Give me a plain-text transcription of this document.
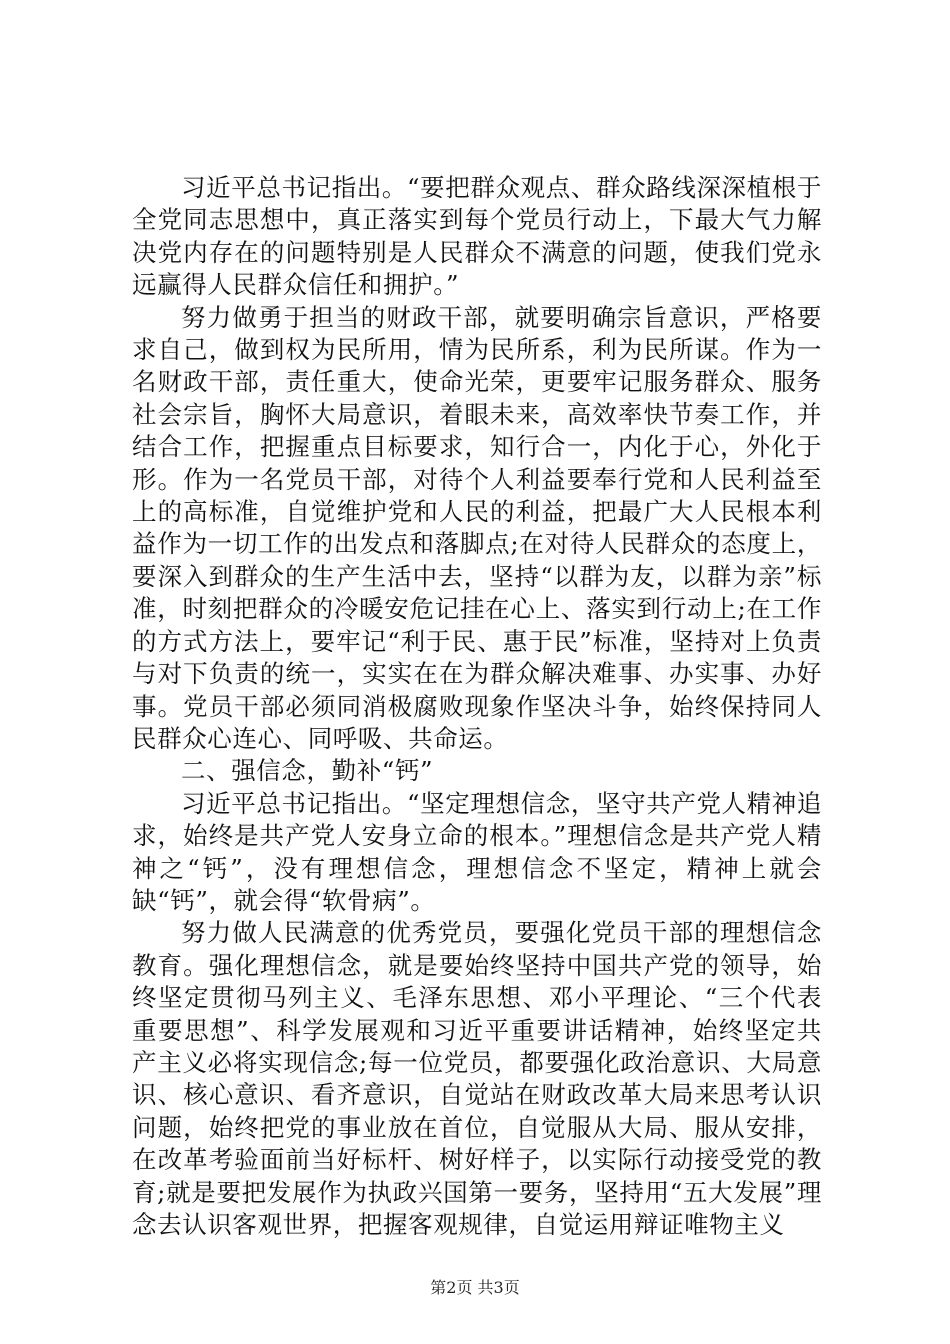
习近平总书记指出。“要把群众观点、群众路线深深植根于全党同志思想中，真正落实到每个党员行动上，下最大气力解决党内存在的问题特别是人民群众不满意的问题，使我们党永远赢得人民群众信任和拥护。”

努力做勇于担当的财政干部，就要明确宗旨意识，严格要求自己，做到权为民所用，情为民所系，利为民所谋。作为一名财政干部，责任重大，使命光荣，更要牢记服务群众、服务社会宗旨，胸怀大局意识，着眼未来，高效率快节奏工作，并结合工作，把握重点目标要求，知行合一，内化于心，外化于形。作为一名党员干部，对待个人利益要奉行党和人民利益至上的高标准，自觉维护党和人民的利益，把最广大人民根本利益作为一切工作的出发点和落脚点;在对待人民群众的态度上，要深入到群众的生产生活中去，坚持“以群为友，以群为亲”标准，时刻把群众的冷暖安危记挂在心上、落实到行动上;在工作的方式方法上，要牢记“利于民、惠于民”标准，坚持对上负责与对下负责的统一，实实在在为群众解决难事、办实事、办好事。党员干部必须同消极腐败现象作坚决斗争，始终保持同人民群众心连心、同呼吸、共命运。

二、强信念，勤补“钙”

习近平总书记指出。“坚定理想信念，坚守共产党人精神追求，始终是共产党人安身立命的根本。”理想信念是共产党人精神之“钙”，没有理想信念，理想信念不坚定，精神上就会缺“钙”，就会得“软骨病”。

努力做人民满意的优秀党员，要强化党员干部的理想信念教育。强化理想信念，就是要始终坚持中国共产党的领导，始终坚定贯彻马列主义、毛泽东思想、邓小平理论、“三个代表重要思想”、科学发展观和习近平重要讲话精神，始终坚定共产主义必将实现信念;每一位党员，都要强化政治意识、大局意识、核心意识、看齐意识，自觉站在财政改革大局来思考认识问题，始终把党的事业放在首位，自觉服从大局、服从安排，在改革考验面前当好标杆、树好样子，以实际行动接受党的教育;就是要把发展作为执政兴国第一要务，坚持用“五大发展”理念去认识客观世界，把握客观规律，自觉运用辩证唯物主义

第2页 共3页
